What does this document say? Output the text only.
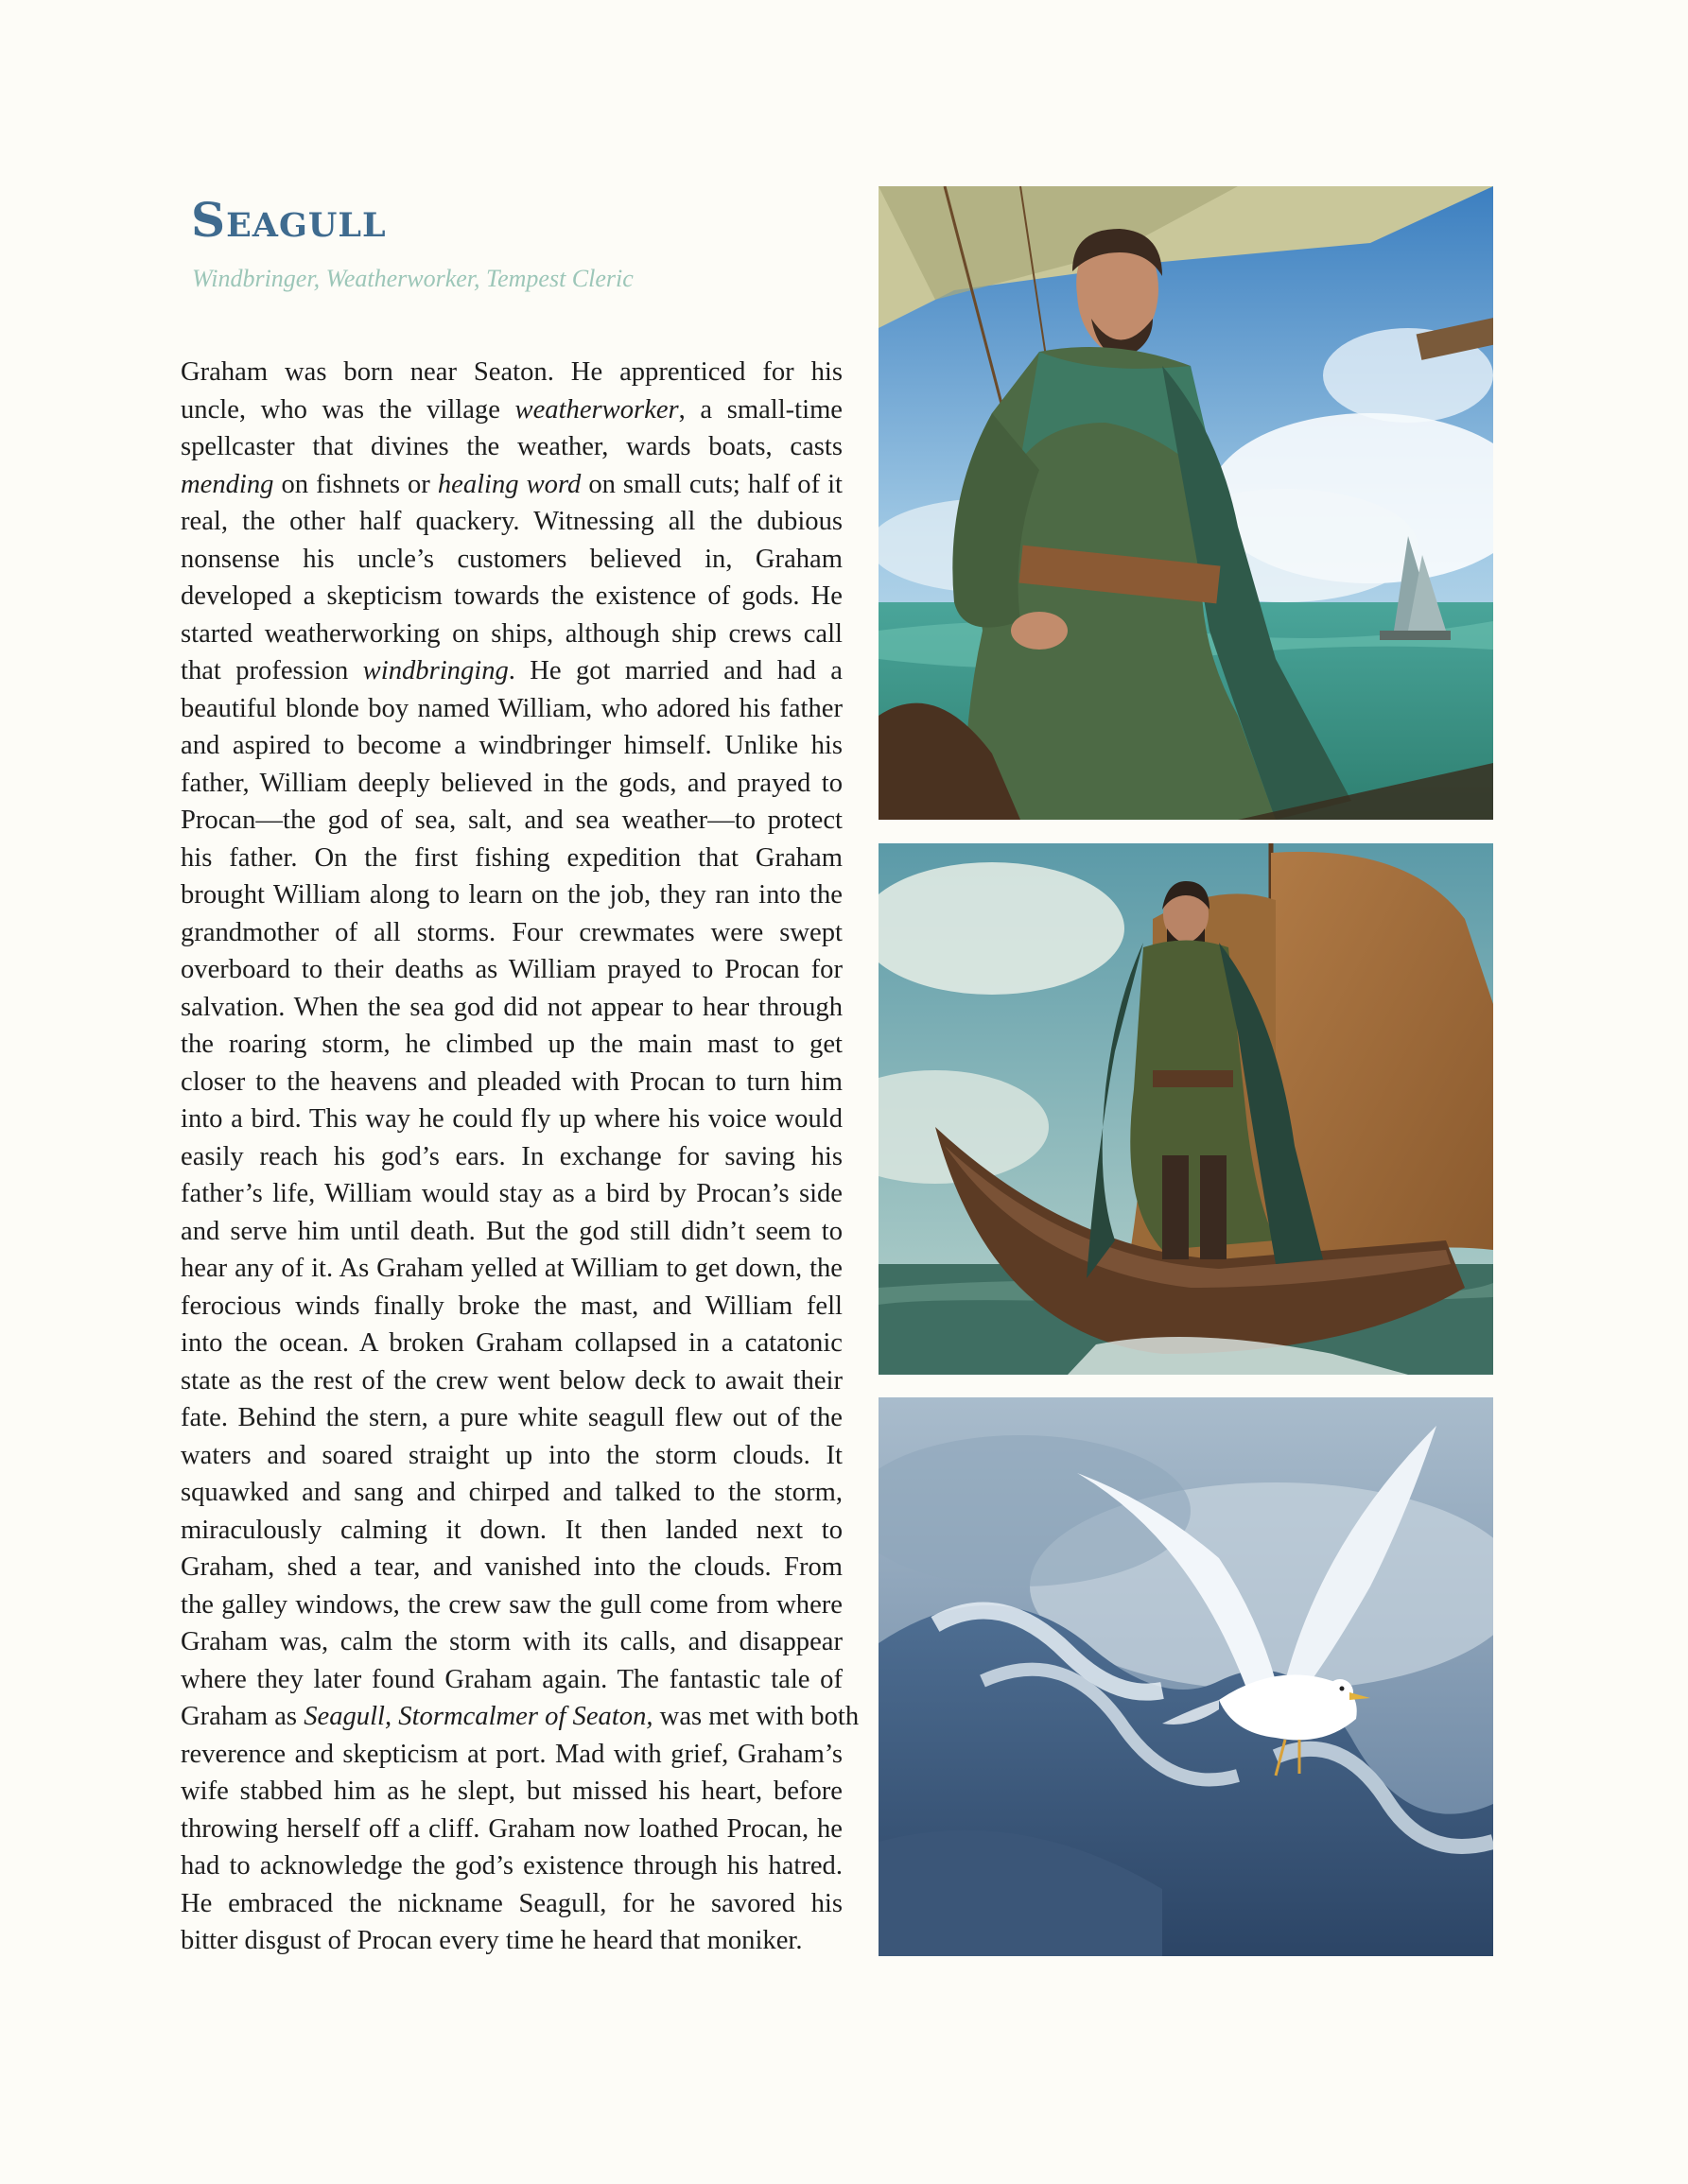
Seagull

Windbringer, Weatherworker, Tempest Cleric

Graham was born near Seaton. He apprenticed for his
uncle, who was the village weatherworker, a small-time
spellcaster that divines the weather, wards boats, casts
mending on fishnets or healing word on small cuts; half of it
real, the other half quackery. Witnessing all the dubious
nonsense his uncle’s customers believed in, Graham
developed a skepticism towards the existence of gods. He
started weatherworking on ships, although ship crews call
that profession windbringing. He got married and had a
beautiful blonde boy named William, who adored his father
and aspired to become a windbringer himself. Unlike his
father, William deeply believed in the gods, and prayed to
Procan—the god of sea, salt, and sea weather—to protect
his father. On the first fishing expedition that Graham
brought William along to learn on the job, they ran into the
grandmother of all storms. Four crewmates were swept
overboard to their deaths as William prayed to Procan for
salvation. When the sea god did not appear to hear through
the roaring storm, he climbed up the main mast to get
closer to the heavens and pleaded with Procan to turn him
into a bird. This way he could fly up where his voice would
easily reach his god’s ears. In exchange for saving his
father’s life, William would stay as a bird by Procan’s side
and serve him until death. But the god still didn’t seem to
hear any of it. As Graham yelled at William to get down, the
ferocious winds finally broke the mast, and William fell
into the ocean. A broken Graham collapsed in a catatonic
state as the rest of the crew went below deck to await their
fate. Behind the stern, a pure white seagull flew out of the
waters and soared straight up into the storm clouds. It
squawked and sang and chirped and talked to the storm,
miraculously calming it down. It then landed next to
Graham, shed a tear, and vanished into the clouds. From
the galley windows, the crew saw the gull come from where
Graham was, calm the storm with its calls, and disappear
where they later found Graham again. The fantastic tale of
Graham as Seagull, Stormcalmer of Seaton, was met with both
reverence and skepticism at port. Mad with grief, Graham’s
wife stabbed him as he slept, but missed his heart, before
throwing herself off a cliff. Graham now loathed Procan, he
had to acknowledge the god’s existence through his hatred.
He embraced the nickname Seagull, for he savored his
bitter disgust of Procan every time he heard that moniker.
